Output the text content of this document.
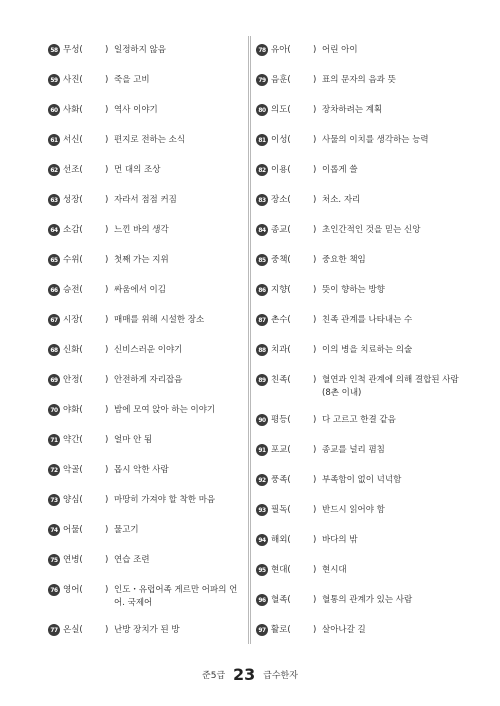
58 무성(	) 일정하지 않음
59 사진(	) 죽을 고비
60 사화(	) 역사 이야기
61 서신(	) 편지로 전하는 소식
62 선조(	) 먼 대의 조상
63 성장(	) 자라서 점점 커짐
64 소감(	) 느낀 바의 생각
65 수위(	) 첫째 가는 지위
66 승전(	) 싸움에서 이김
67 시장(	) 매매를 위해 시설한 장소
68 신화(	) 신비스러운 이야기
69 안정(	) 안전하게 자리잡음
70 야화(	) 밤에 모여 앉아 하는 이야기
71 약간(	) 얼마 안 됨
72 악골(	) 몹시 악한 사람
73 양심(	) 마땅히 가져야 할 착한 마음
74 어물(	) 물고기
75 연병(	) 연습 조련
76 영어(	) 인도・유럽어족 게르만 어파의 언어. 국제어
77 온실(	) 난방 장치가 된 방
78 유아(	) 어린 아이
79 음훈(	) 표의 문자의 음과 뜻
80 의도(	) 장차하려는 계획
81 이성(	) 사물의 이치를 생각하는 능력
82 이용(	) 이롭게 쓸
83 장소(	) 처소. 자리
84 종교(	) 초인간적인 것을 믿는 신앙
85 중책(	) 중요한 책임
86 지향(	) 뜻이 향하는 방향
87 촌수(	) 친족 관계를 나타내는 수
88 치과(	) 이의 병을 치료하는 의술
89 친족(	) 혈연과 인척 관계에 의해 결합된 사람(8촌 이내)
90 평등(	) 다 고르고 한결 같음
91 포교(	) 종교를 널리 폄침
92 풍족(	) 부족함이 없이 넉넉함
93 필독(	) 반드시 읽어야 함
94 해외(	) 바다의 밖
95 현대(	) 현시대
96 혈족(	) 혈통의 관계가 있는 사람
97 활로(	) 살아나갈 길
준5급 23 급수한자
